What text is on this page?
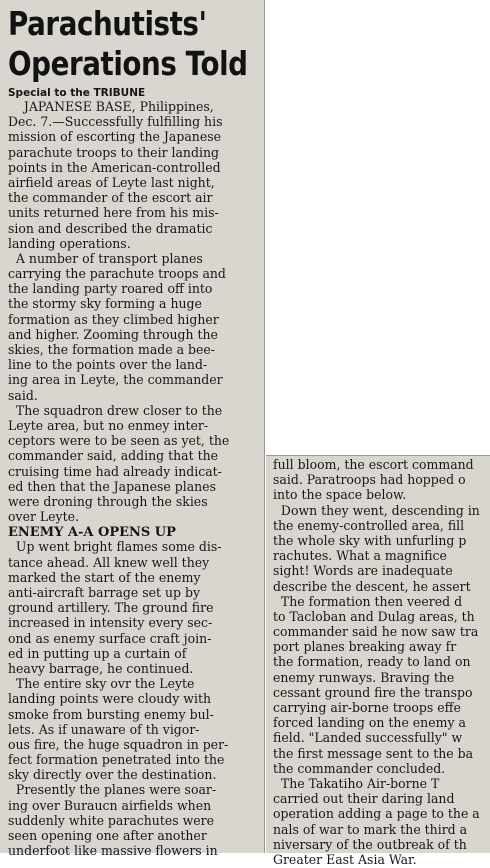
Parachutists'
Operations Told

Special to the TRIBUNE

JAPANESE BASE, Philippines,
Dec. 7.—Successfully fulfilling his
mission of escorting the Japanese
parachute troops to their landing
points in the American-controlled
airfield areas of Leyte last night,
the commander of the escort air
units returned here from his mis-
sion and described the dramatic
landing operations.
A number of transport planes
carrying the parachute troops and
the landing party roared off into
the stormy sky forming a huge
formation as they climbed higher
and higher. Zooming through the
skies, the formation made a bee-
line to the points over the land-
ing area in Leyte, the commander
said.
The squadron drew closer to the
Leyte area, but no enmey inter-
ceptors were to be seen as yet, the
commander said, adding that the
cruising time had already indicat-
ed then that the Japanese planes
were droning through the skies
over Leyte.
ENEMY A-A OPENS UP
Up went bright flames some dis-
tance ahead. All knew well they
marked the start of the enemy
anti-aircraft barrage set up by
ground artillery. The ground fire
increased in intensity every sec-
ond as enemy surface craft join-
ed in putting up a curtain of
heavy barrage, he continued.
The entire sky ovr the Leyte
landing points were cloudy with
smoke from bursting enemy bul-
lets. As if unaware of th vigor-
ous fire, the huge squadron in per-
fect formation penetrated into the
sky directly over the destination.
Presently the planes were soar-
ing over Buraucn airfields when
suddenly white parachutes were
seen opening one after another
underfoot like massive flowers in
full bloom, the escort command
said. Paratroops had hopped o
into the space below.
Down they went, descending in
the enemy-controlled area, fill
the whole sky with unfurling p
rachutes. What a magnifice
sight! Words are inadequate
describe the descent, he assert
The formation then veered d
to Tacloban and Dulag areas, th
commander said he now saw tra
port planes breaking away fr
the formation, ready to land on
enemy runways. Braving the
cessant ground fire the transpo
carrying air-borne troops effe
forced landing on the enemy a
field. "Landed successfully" w
the first message sent to the ba
the commander concluded.
The Takatiho Air-borne T
carried out their daring land
operation adding a page to the a
nals of war to mark the third a
niversary of the outbreak of th
Greater East Asia War.
